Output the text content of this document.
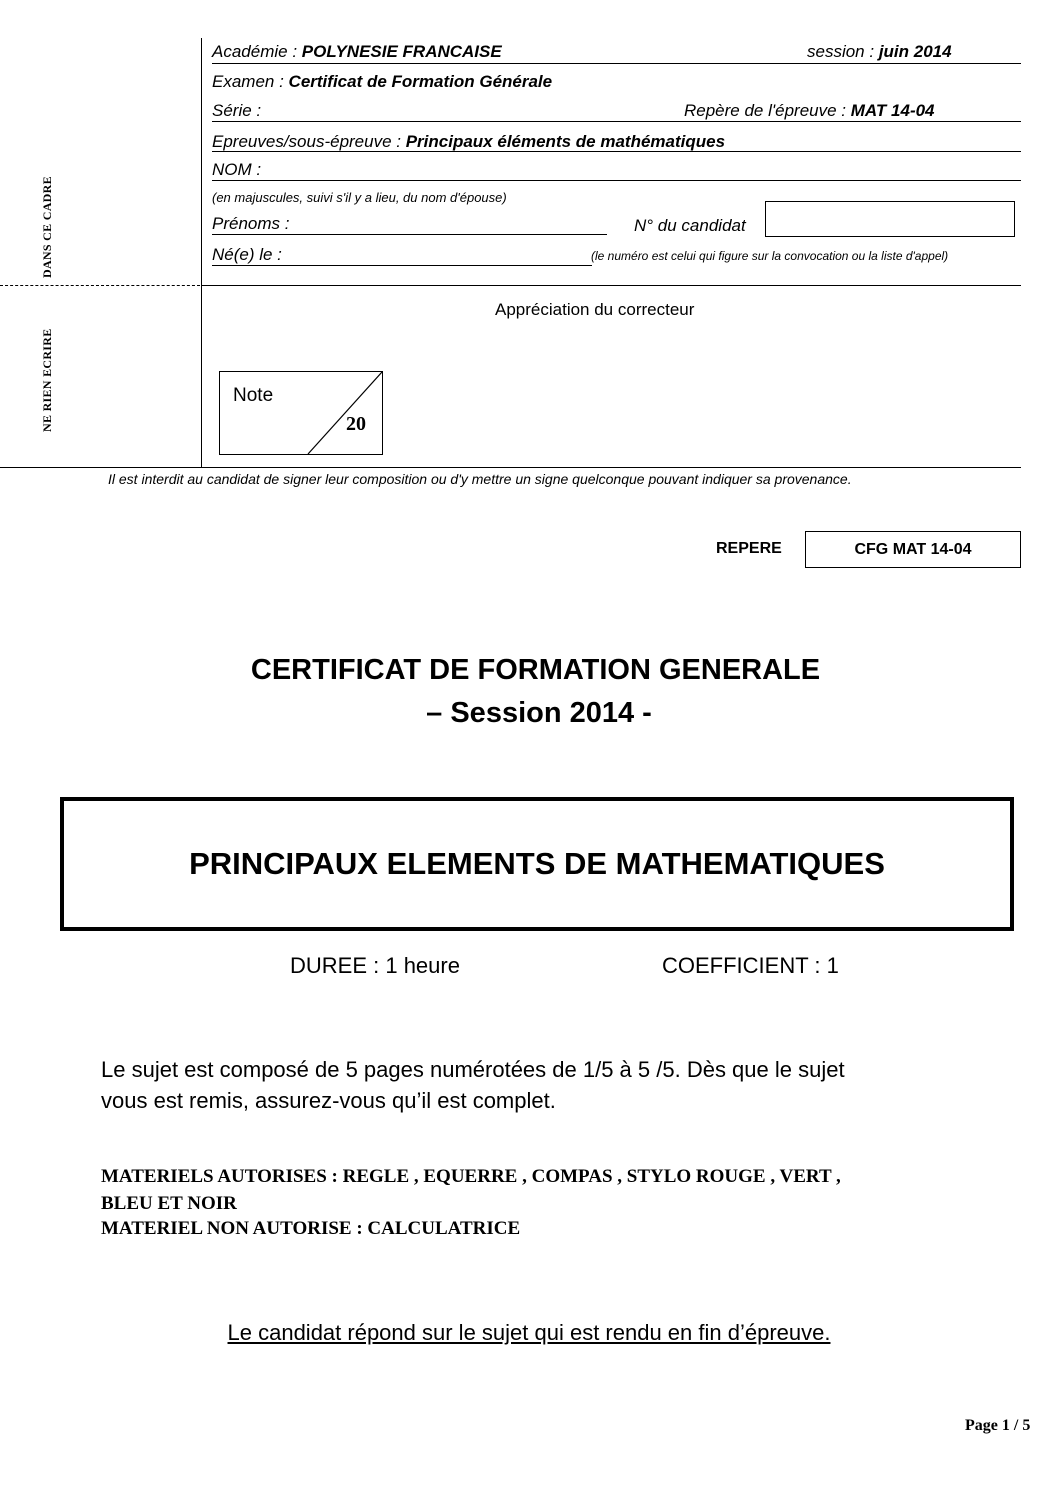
DANS CE CADRE
NE RIEN ECRIRE
Académie : POLYNESIE FRANCAISE	session : juin 2014
Examen : Certificat de Formation Générale
Série :	Repère de l'épreuve : MAT 14-04
Epreuves/sous-épreuve : Principaux éléments de mathématiques
NOM :
(en majuscules, suivi s'il y a lieu, du nom d'épouse)
Prénoms :	N° du candidat
Né(e) le :	(le numéro est celui qui figure sur la convocation ou la liste d'appel)
Appréciation du correcteur
Note
20
Il est interdit au candidat de signer leur composition ou d'y mettre un signe quelconque pouvant indiquer sa provenance.
REPERE	CFG MAT 14-04
CERTIFICAT DE FORMATION GENERALE
– Session 2014 -
PRINCIPAUX ELEMENTS DE MATHEMATIQUES
DUREE : 1 heure	COEFFICIENT : 1
Le sujet est composé de 5 pages numérotées de 1/5 à 5 /5. Dès que le sujet
vous est remis, assurez-vous qu’il est complet.
MATERIELS AUTORISES : REGLE , EQUERRE , COMPAS , STYLO ROUGE , VERT ,
BLEU ET NOIR
MATERIEL NON AUTORISE : CALCULATRICE
Le candidat répond sur le sujet qui est rendu en fin d’épreuve.
Page 1 / 5
